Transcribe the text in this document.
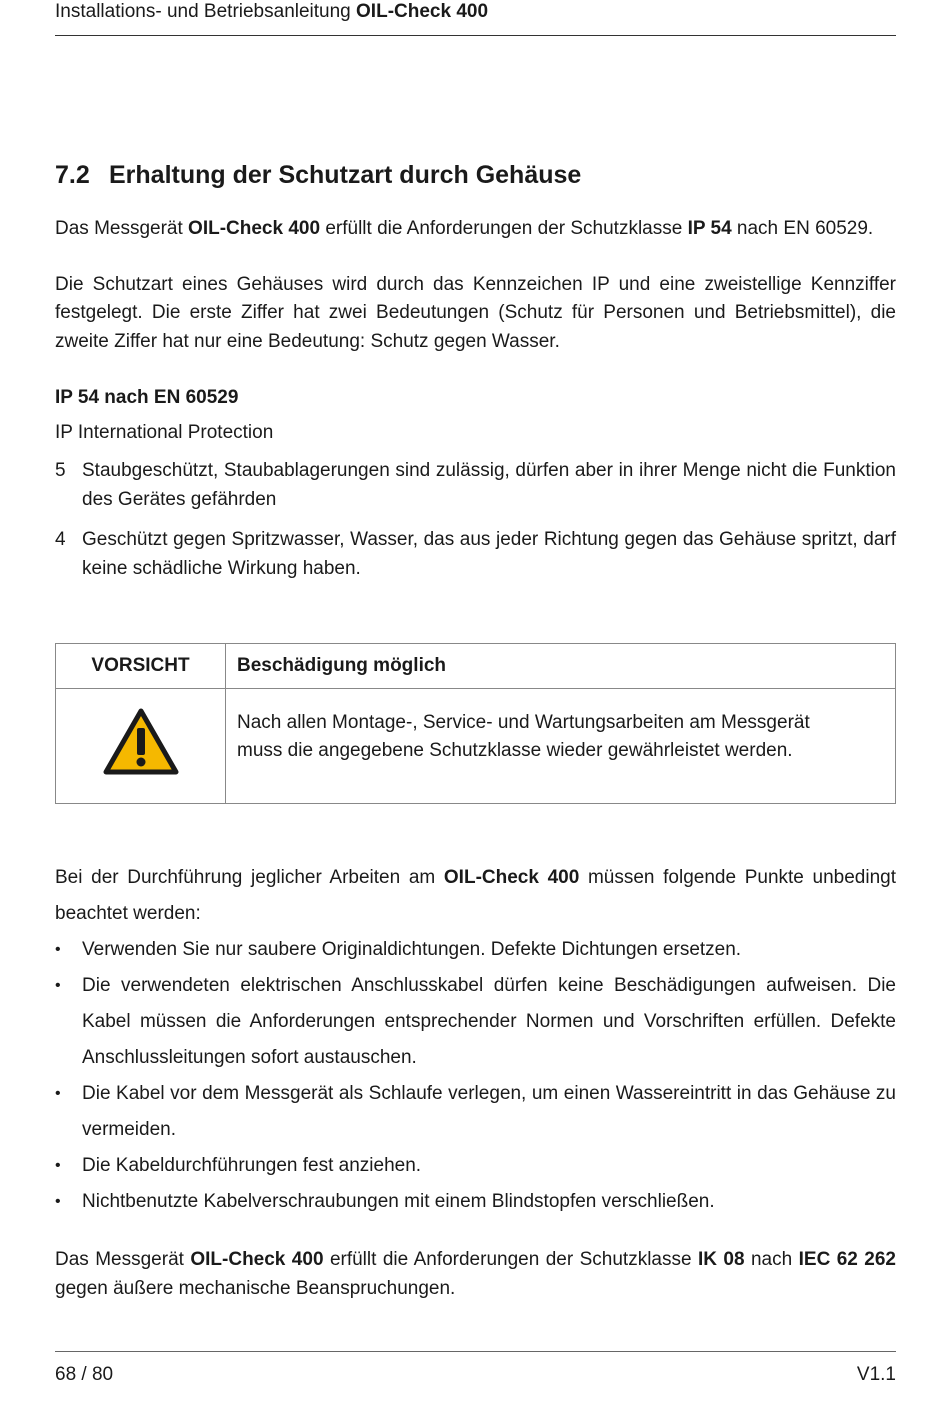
Installations- und Betriebsanleitung OIL-Check 400
7.2 Erhaltung der Schutzart durch Gehäuse

Das Messgerät OIL-Check 400 erfüllt die Anforderungen der Schutzklasse IP 54 nach EN 60529.

Die Schutzart eines Gehäuses wird durch das Kennzeichen IP und eine zweistellige Kennziffer festgelegt. Die erste Ziffer hat zwei Bedeutungen (Schutz für Personen und Betriebsmittel), die zweite Ziffer hat nur eine Bedeutung: Schutz gegen Wasser.

IP 54 nach EN 60529

IP International Protection

5 Staubgeschützt, Staubablagerungen sind zulässig, dürfen aber in ihrer Menge nicht die Funktion des Gerätes gefährden
4 Geschützt gegen Spritzwasser, Wasser, das aus jeder Richtung gegen das Gehäuse spritzt, darf keine schädliche Wirkung haben.
VORSICHT	Beschädigung möglich
	Nach allen Montage-, Service- und Wartungsarbeiten am Messgerät muss die angegebene Schutzklasse wieder gewährleistet werden.

Bei der Durchführung jeglicher Arbeiten am OIL-Check 400 müssen folgende Punkte unbedingt beachtet werden:

•	Verwenden Sie nur saubere Originaldichtungen. Defekte Dichtungen ersetzen.
•	Die verwendeten elektrischen Anschlusskabel dürfen keine Beschädigungen aufweisen. Die Kabel müssen die Anforderungen entsprechender Normen und Vorschriften erfüllen. Defekte Anschlussleitungen sofort austauschen.
•	Die Kabel vor dem Messgerät als Schlaufe verlegen, um einen Wassereintritt in das Gehäuse zu vermeiden.
•	Die Kabeldurchführungen fest anziehen.
•	Nichtbenutzte Kabelverschraubungen mit einem Blindstopfen verschließen.

Das Messgerät OIL-Check 400 erfüllt die Anforderungen der Schutzklasse IK 08 nach IEC 62 262 gegen äußere mechanische Beanspruchungen.

68 / 80	V1.1
